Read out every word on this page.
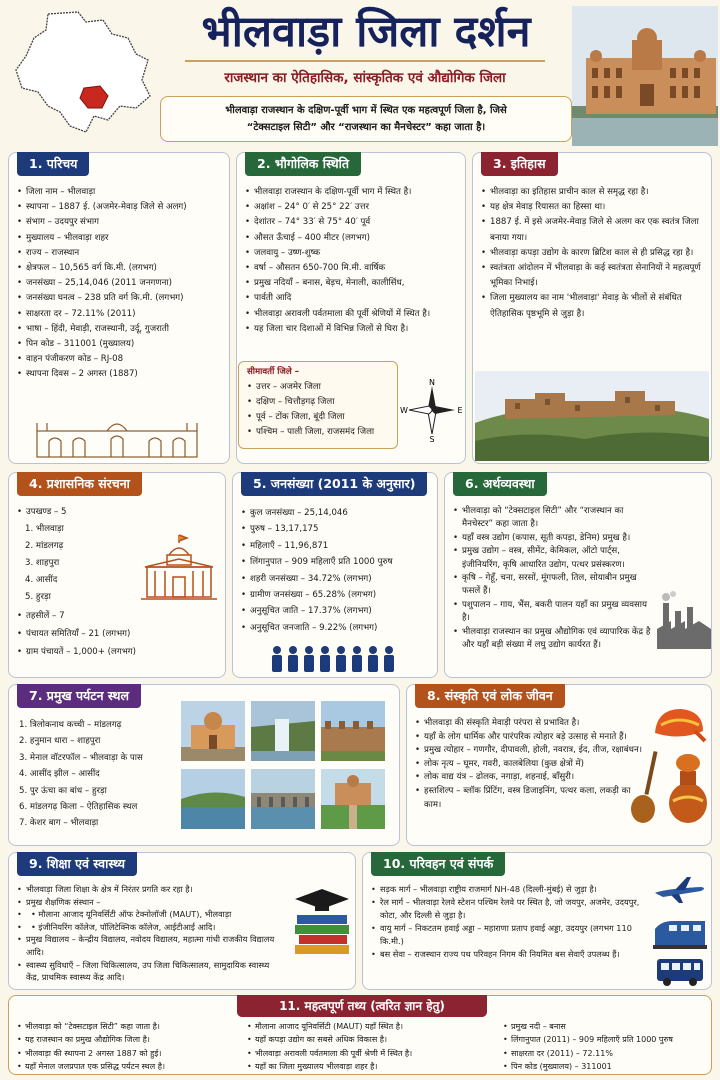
भीलवाड़ा जिला दर्शन
राजस्थान का ऐतिहासिक, सांस्कृतिक एवं औद्योगिक जिला
भीलवाड़ा राजस्थान के दक्षिण-पूर्वी भाग में स्थित एक महत्वपूर्ण जिला है, जिसे
“टेक्सटाइल सिटी” और “राजस्थान का मैनचेस्टर” कहा जाता है।
1. परिचय
• जिला नाम – भीलवाड़ा
• स्थापना – 1887 ई. (अजमेर-मेवाड़ जिले से अलग)
• संभाग – उदयपुर संभाग
• मुख्यालय – भीलवाड़ा शहर
• राज्य – राजस्थान
• क्षेत्रफल – 10,565 वर्ग कि.मी. (लगभग)
• जनसंख्या – 25,14,046 (2011 जनगणना)
• जनसंख्या घनत्व – 238 प्रति वर्ग कि.मी. (लगभग)
• साक्षरता दर – 72.11% (2011)
• भाषा – हिंदी, मेवाड़ी, राजस्थानी, उर्दू, गुजराती
• पिन कोड – 311001 (मुख्यालय)
• वाहन पंजीकरण कोड – RJ-08
• स्थापना दिवस – 2 अगस्त (1887)
2. भौगोलिक स्थिति
• भीलवाड़ा राजस्थान के दक्षिण-पूर्वी भाग में स्थित है।
• अक्षांश – 24° 0′ से 25° 22′ उत्तर
• देशांतर – 74° 33′ से 75° 40′ पूर्व
• औसत ऊँचाई – 400 मीटर (लगभग)
• जलवायु – उष्ण-शुष्क
• वर्षा – औसतन 650-700 मि.मी. वार्षिक
• प्रमुख नदियाँ – बनास, बेड़च, मेनाली, कालीसिंध,
• पार्वती आदि
• भीलवाड़ा अरावली पर्वतमाला की पूर्वी श्रेणियों में स्थित है।
• यह जिला चार दिशाओं में विभिन्न जिलों से घिरा है।
सीमावर्ती जिले –
• उत्तर – अजमेर जिला
• दक्षिण – चित्तौड़गढ़ जिला
• पूर्व – टोंक जिला, बूंदी जिला
• पश्चिम – पाली जिला, राजसमंद जिला
N
S
W	E
3. इतिहास
• भीलवाड़ा का इतिहास प्राचीन काल से समृद्ध रहा है।
• यह क्षेत्र मेवाड़ रियासत का हिस्सा था।
• 1887 ई. में इसे अजमेर-मेवाड़ जिले से अलग कर एक स्वतंत्र जिला बनाया गया।
• भीलवाड़ा कपड़ा उद्योग के कारण ब्रिटिश काल से ही प्रसिद्ध रहा है।
• स्वतंत्रता आंदोलन में भीलवाड़ा के कई स्वतंत्रता सेनानियों ने महत्वपूर्ण भूमिका निभाई।
• जिला मुख्यालय का नाम 'भीलवाड़ा' मेवाड़ के भीलों से संबंधित ऐतिहासिक पृष्ठभूमि से जुड़ा है।
4. प्रशासनिक संरचना
• उपखण्ड – 5
1. भीलवाड़ा
2. मांडलगढ़
3. शाहपुरा
4. आसींद
5. हुरड़ा
• तहसीलें – 7
• पंचायत समितियाँ – 21 (लगभग)
• ग्राम पंचायतें – 1,000+ (लगभग)
5. जनसंख्या (2011 के अनुसार)
• कुल जनसंख्या – 25,14,046
• पुरुष – 13,17,175
• महिलाएँ – 11,96,871
• लिंगानुपात – 909 महिलाएँ प्रति 1000 पुरुष
• शहरी जनसंख्या – 34.72% (लगभग)
• ग्रामीण जनसंख्या – 65.28% (लगभग)
• अनुसूचित जाति – 17.37% (लगभग)
• अनुसूचित जनजाति – 9.22% (लगभग)
6. अर्थव्यवस्था
• भीलवाड़ा को “टेक्सटाइल सिटी” और “राजस्थान का मैनचेस्टर” कहा जाता है।
• यहाँ वस्त्र उद्योग (कपास, सूती कपड़ा, डेनिम) प्रमुख है।
• प्रमुख उद्योग – वस्त्र, सीमेंट, केमिकल, ऑटो पार्ट्स, इंजीनियरिंग, कृषि आधारित उद्योग, पत्थर प्रसंस्करण।
• कृषि – गेहूँ, चना, सरसों, मूंगफली, तिल, सोयाबीन प्रमुख फसलें हैं।
• पशुपालन – गाय, भैंस, बकरी पालन यहाँ का प्रमुख व्यवसाय है।
• भीलवाड़ा राजस्थान का प्रमुख औद्योगिक एवं व्यापारिक केंद्र है और यहाँ बड़ी संख्या में लघु उद्योग कार्यरत हैं।
7. प्रमुख पर्यटन स्थल
1. त्रिलोकनाथ कच्ची – मांडलगढ़
2. हनुमान धारा – शाहपुरा
3. मेनाल वॉटरफॉल – भीलवाड़ा के पास
4. आसींद झील – आसींद
5. पुर ऊंचा का बांध – हुरड़ा
6. मांडलगढ़ किला – ऐतिहासिक स्थल
7. केशर बाग – भीलवाड़ा
8. संस्कृति एवं लोक जीवन
• भीलवाड़ा की संस्कृति मेवाड़ी परंपरा से प्रभावित है।
• यहाँ के लोग धार्मिक और पारंपरिक त्योहार बड़े उत्साह से मनाते हैं।
• प्रमुख त्योहार – गणगौर, दीपावली, होली, नवरात्र, ईद, तीज, रक्षाबंधन।
• लोक नृत्य – घूमर, गवरी, कालबेलिया (कुछ क्षेत्रों में)
• लोक वाद्य यंत्र – ढोलक, नगाड़ा, शहनाई, बाँसुरी।
• हस्तशिल्प – ब्लॉक प्रिंटिंग, वस्त्र डिजाइनिंग, पत्थर कला, लकड़ी का काम।
9. शिक्षा एवं स्वास्थ्य
• भीलवाड़ा जिला शिक्षा के क्षेत्र में निरंतर प्रगति कर रहा है।
• प्रमुख शैक्षणिक संस्थान –
• • मौलाना आजाद यूनिवर्सिटी ऑफ टेक्नोलॉजी (MAUT), भीलवाड़ा
• • इंजीनियरिंग कॉलेज, पॉलिटेक्निक कॉलेज, आईटीआई आदि।
• प्रमुख विद्यालय – केन्द्रीय विद्यालय, नवोदय विद्यालय, महात्मा गांधी राजकीय विद्यालय आदि।
• स्वास्थ्य सुविधाएँ – जिला चिकित्सालय, उप जिला चिकित्सालय, सामुदायिक स्वास्थ्य केंद्र, प्राथमिक स्वास्थ्य केंद्र आदि।
10. परिवहन एवं संपर्क
• सड़क मार्ग – भीलवाड़ा राष्ट्रीय राजमार्ग NH-48 (दिल्ली-मुंबई) से जुड़ा है।
• रेल मार्ग – भीलवाड़ा रेलवे स्टेशन पश्चिम रेलवे पर स्थित है, जो जयपुर, अजमेर, उदयपुर, कोटा, और दिल्ली से जुड़ा है।
• वायु मार्ग – निकटतम हवाई अड्डा – महाराणा प्रताप हवाई अड्डा, उदयपुर (लगभग 110 कि.मी.)
• बस सेवा – राजस्थान राज्य पथ परिवहन निगम की नियमित बस सेवाएँ उपलब्ध हैं।
11. महत्वपूर्ण तथ्य (त्वरित ज्ञान हेतु)
• भीलवाड़ा को “टेक्सटाइल सिटी” कहा जाता है।
• यह राजस्थान का प्रमुख औद्योगिक जिला है।
• भीलवाड़ा की स्थापना 2 अगस्त 1887 को हुई।
• यहाँ मेनाल जलप्रपात एक प्रसिद्ध पर्यटन स्थल है।
• मौलाना आजाद यूनिवर्सिटी (MAUT) यहाँ स्थित है।
• यहाँ कपड़ा उद्योग का सबसे अधिक विकास है।
• भीलवाड़ा अरावली पर्वतमाला की पूर्वी श्रेणी में स्थित है।
• यहाँ का जिला मुख्यालय भीलवाड़ा शहर है।
• प्रमुख नदी – बनास
• लिंगानुपात (2011) – 909 महिलाएँ प्रति 1000 पुरुष
• साक्षरता दर (2011) – 72.11%
• पिन कोड (मुख्यालय) – 311001
